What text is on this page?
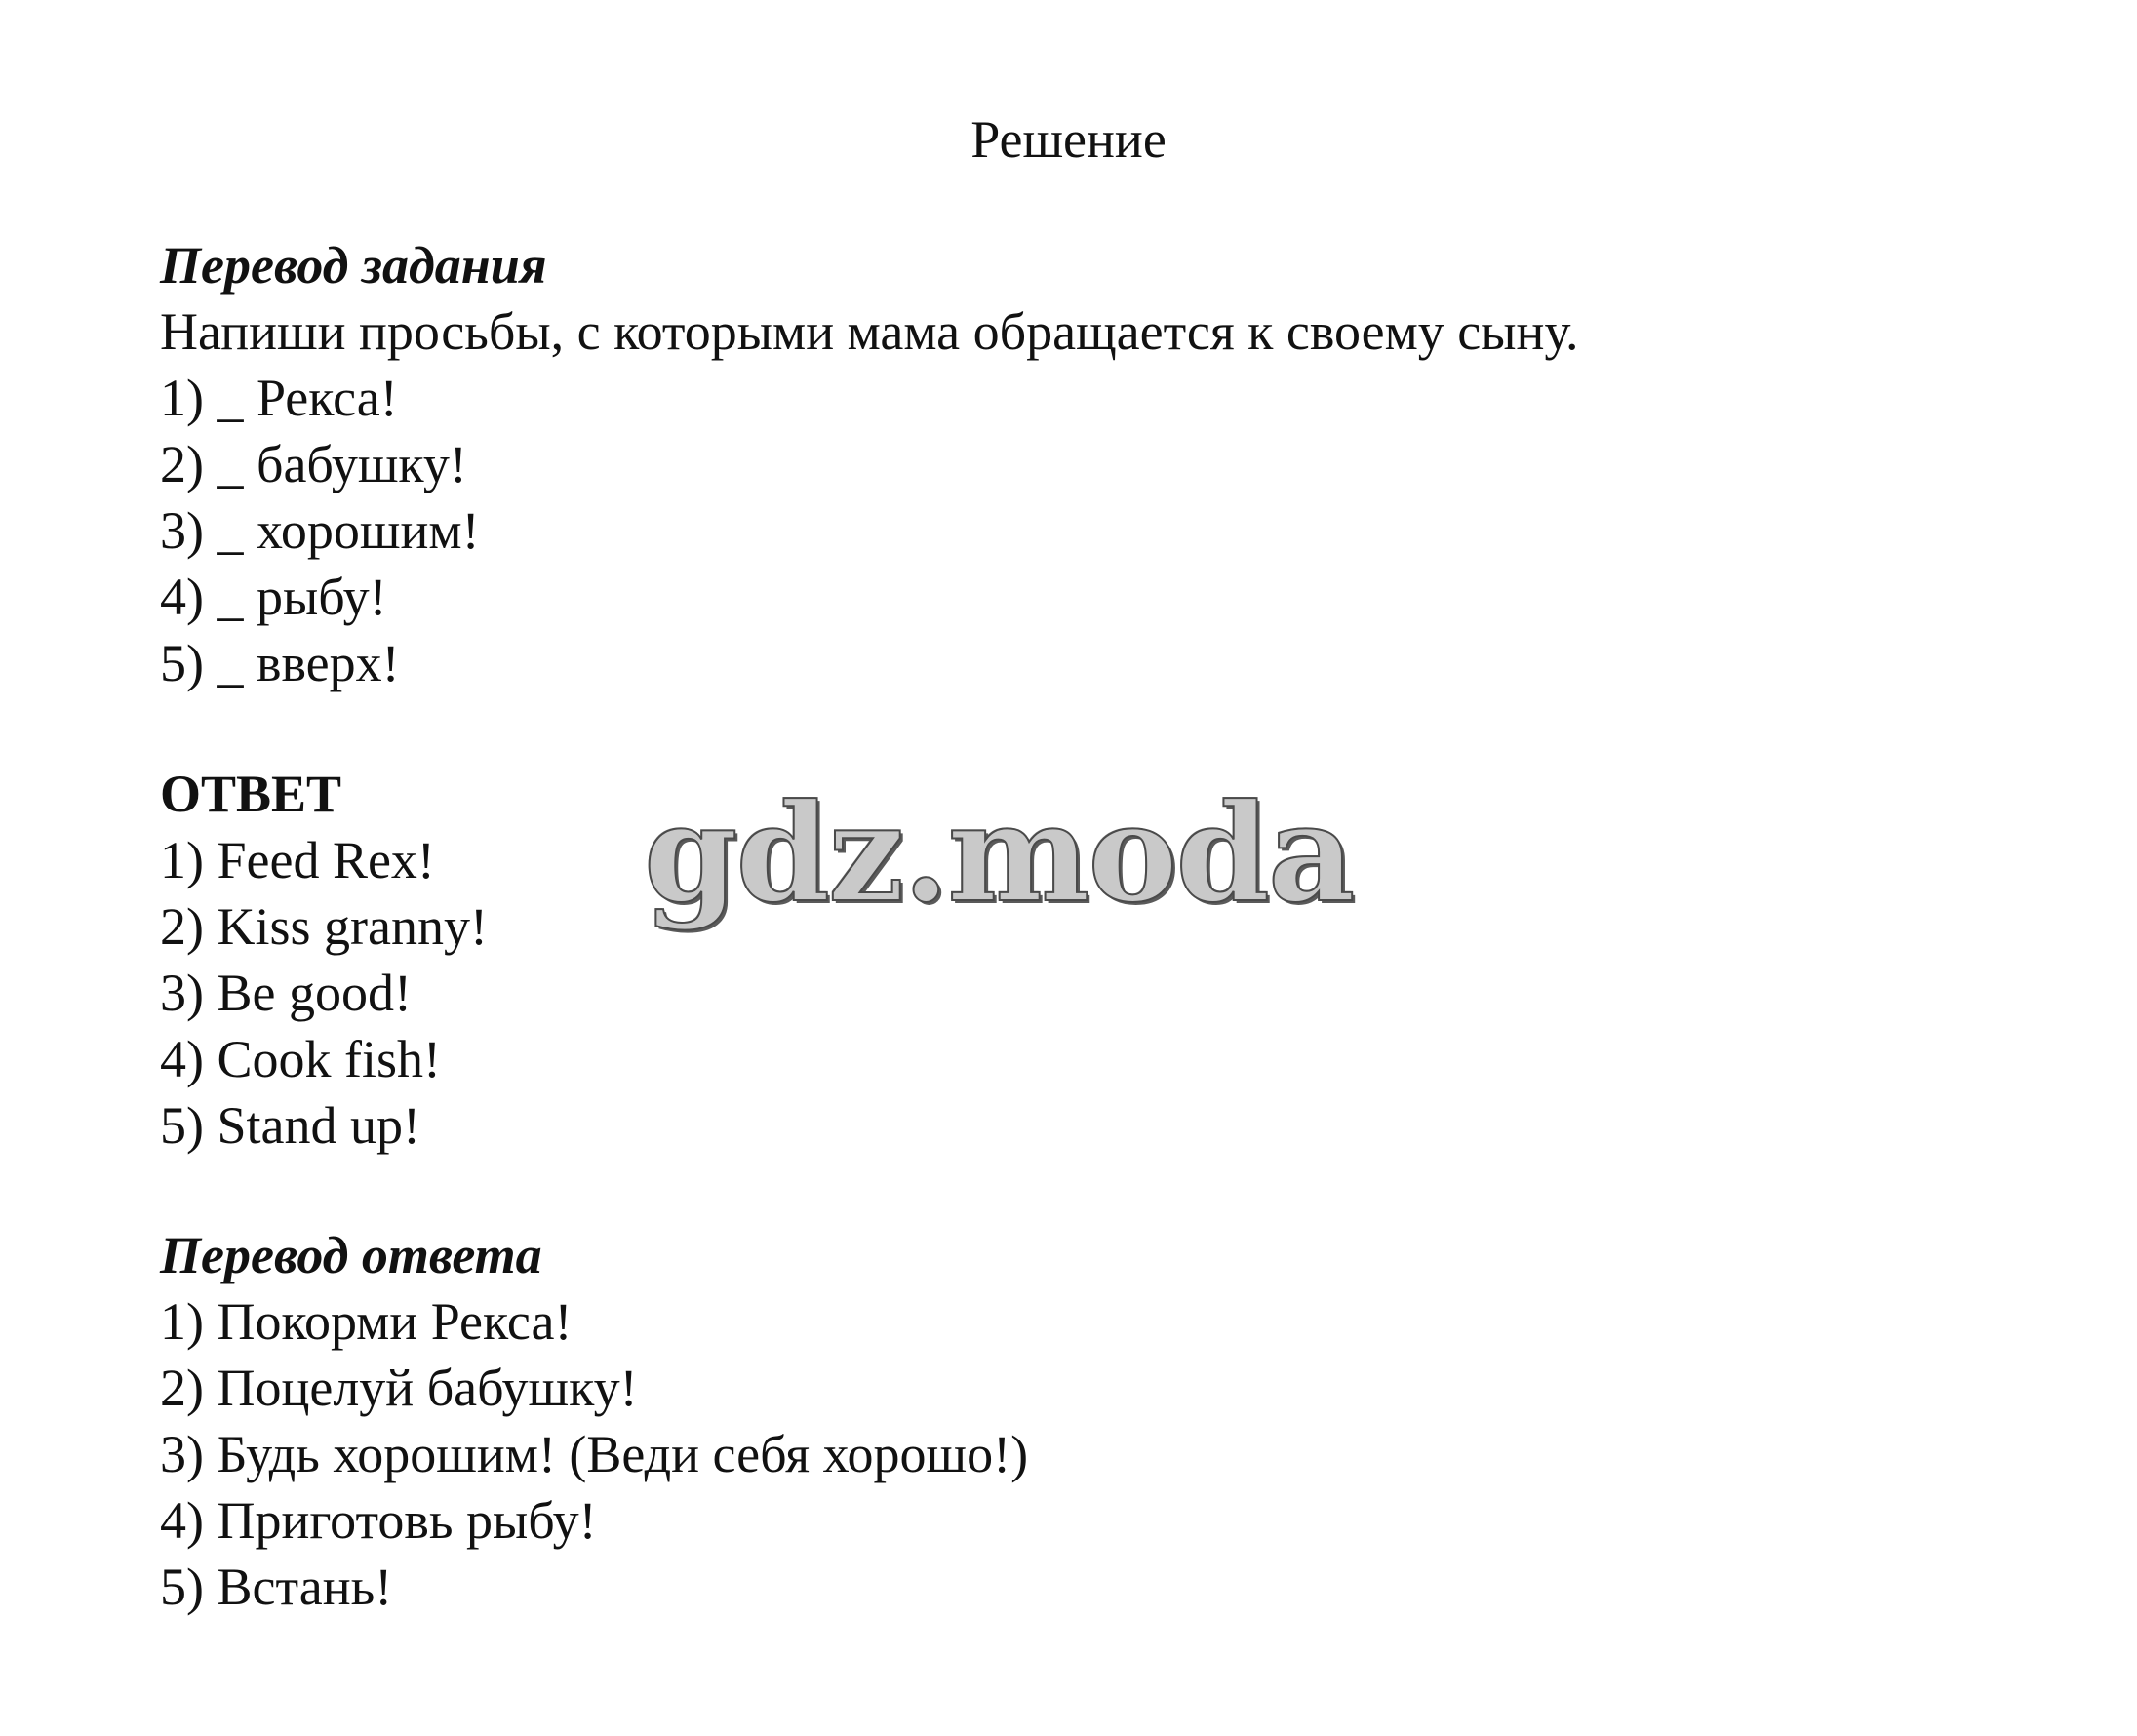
Решение
Перевод задания
Напиши просьбы, с которыми мама обращается к своему сыну.
1) _ Рекса!
2) _ бабушку!
3) _ хорошим!
4) _ рыбу!
5) _ вверх!
ОТВЕТ
1) Feed Rex!
2) Kiss granny!
3) Be good!
4) Cook fish!
5) Stand up!
gdz.moda
Перевод ответа
1) Покорми Рекса!
2) Поцелуй бабушку!
3) Будь хорошим! (Веди себя хорошо!)
4) Приготовь рыбу!
5) Встань!
